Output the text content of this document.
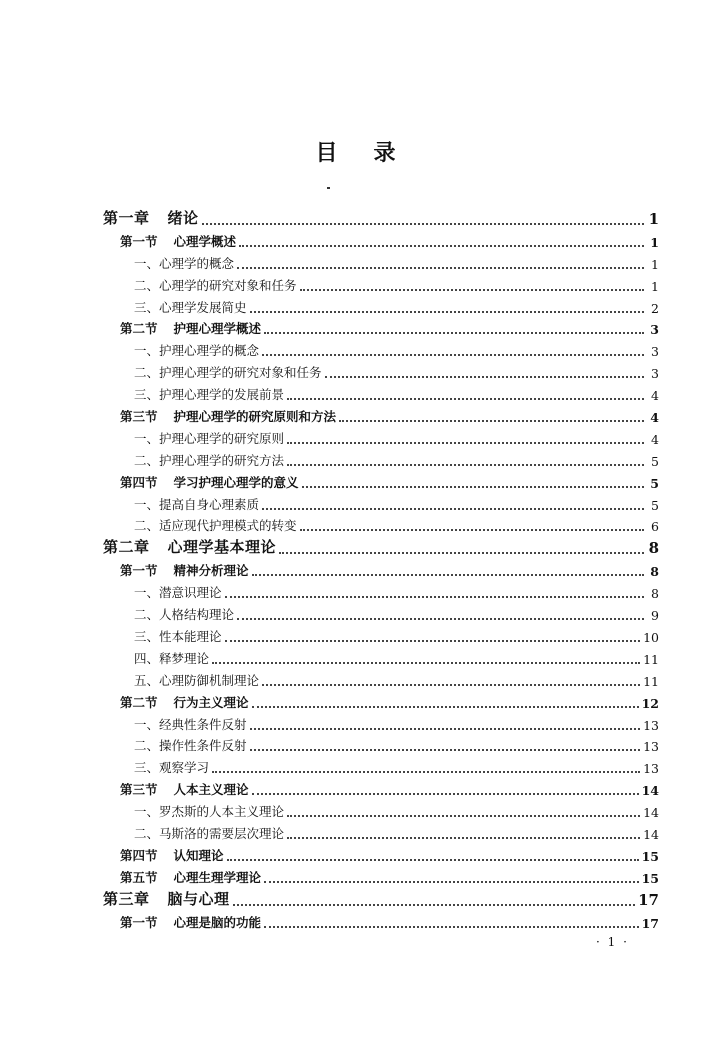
目 录
第一章 绪论	1
第一节 心理学概述	1
一、心理学的概念	1
二、心理学的研究对象和任务	1
三、心理学发展简史	2
第二节 护理心理学概述	3
一、护理心理学的概念	3
二、护理心理学的研究对象和任务	3
三、护理心理学的发展前景	4
第三节 护理心理学的研究原则和方法	4
一、护理心理学的研究原则	4
二、护理心理学的研究方法	5
第四节 学习护理心理学的意义	5
一、提高自身心理素质	5
二、适应现代护理模式的转变	6
第二章 心理学基本理论	8
第一节 精神分析理论	8
一、潜意识理论	8
二、人格结构理论	9
三、性本能理论	10
四、释梦理论	11
五、心理防御机制理论	11
第二节 行为主义理论	12
一、经典性条件反射	13
二、操作性条件反射	13
三、观察学习	13
第三节 人本主义理论	14
一、罗杰斯的人本主义理论	14
二、马斯洛的需要层次理论	14
第四节 认知理论	15
第五节 心理生理学理论	15
第三章 脑与心理	17
第一节 心理是脑的功能	17
· 1 ·
